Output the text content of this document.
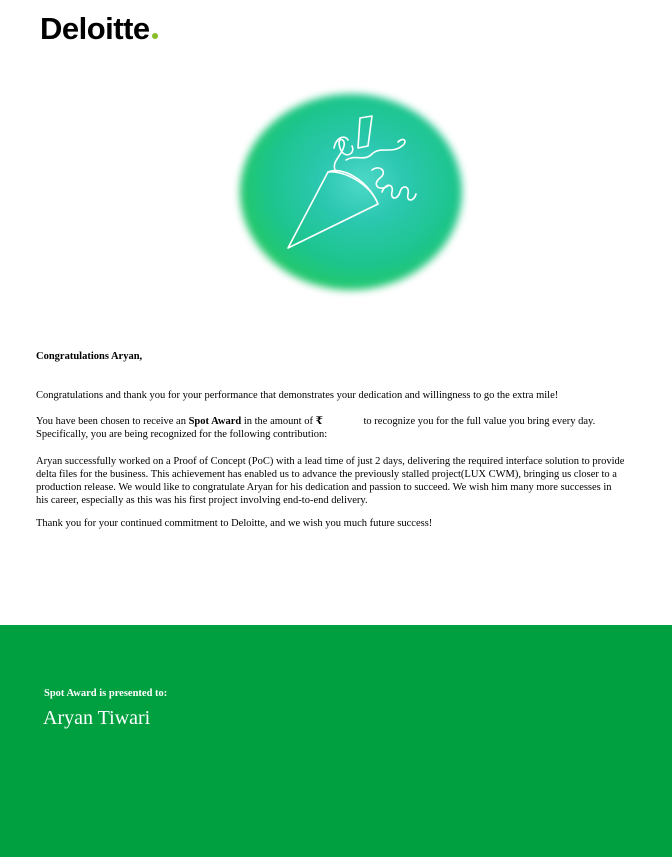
Deloitte
Congratulations Aryan,
Congratulations and thank you for your performance that demonstrates your dedication and willingness to go the extra mile!
You have been chosen to receive an Spot Award in the amount of ₹	to recognize you for the full value you bring every day. Specifically, you are being recognized for the following contribution:
Aryan successfully worked on a Proof of Concept (PoC) with a lead time of just 2 days, delivering the required interface solution to provide delta files for the business. This achievement has enabled us to advance the previously stalled project(LUX CWM), bringing us closer to a production release. We would like to congratulate Aryan for his dedication and passion to succeed. We wish him many more successes in his career, especially as this was his first project involving end-to-end delivery.
Thank you for your continued commitment to Deloitte, and we wish you much future success!
Spot Award is presented to:
Aryan Tiwari
